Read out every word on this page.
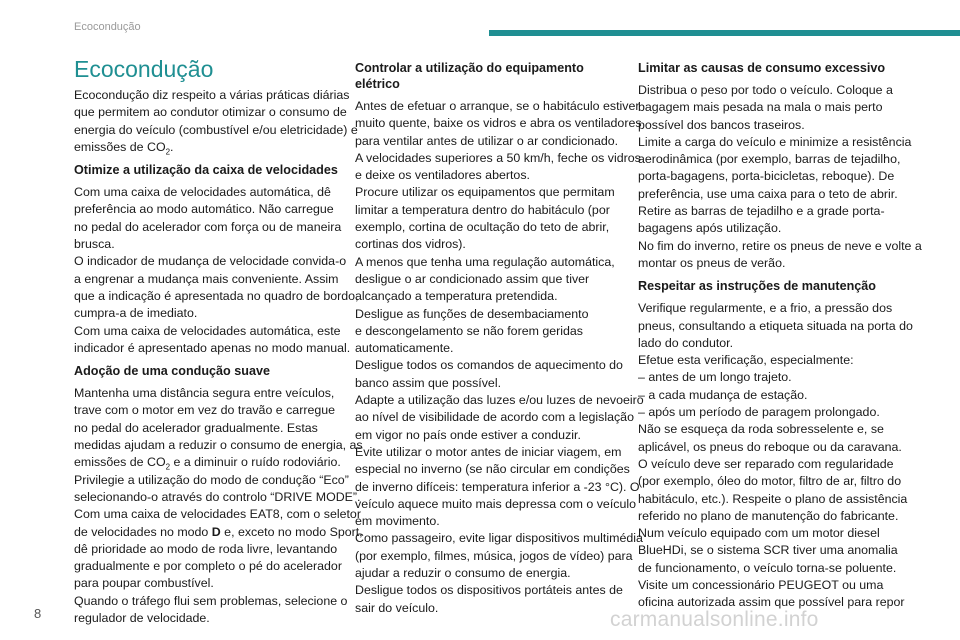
Ecocondução
Ecocondução
Ecocondução diz respeito a várias práticas diárias
que permitem ao condutor otimizar o consumo de
energia do veículo (combustível e/ou eletricidade) e
emissões de $CO_2$.
Otimize a utilização da caixa de velocidades
Com uma caixa de velocidades automática, dê
preferência ao modo automático. Não carregue
no pedal do acelerador com força ou de maneira
brusca.
O indicador de mudança de velocidade convida-o
a engrenar a mudança mais conveniente. Assim
que a indicação é apresentada no quadro de bordo,
cumpra-a de imediato.
Com uma caixa de velocidades automática, este
indicador é apresentado apenas no modo manual.
Adoção de uma condução suave
Mantenha uma distância segura entre veículos,
trave com o motor em vez do travão e carregue
no pedal do acelerador gradualmente. Estas
medidas ajudam a reduzir o consumo de energia, as
emissões de $CO_2$ e a diminuir o ruído rodoviário.
Privilegie a utilização do modo de condução “Eco”
selecionando-o através do controlo “DRIVE MODE”.
Com uma caixa de velocidades EAT8, com o seletor
de velocidades no modo D e, exceto no modo Sport,
dê prioridade ao modo de roda livre, levantando
gradualmente e por completo o pé do acelerador
para poupar combustível.
Quando o tráfego flui sem problemas, selecione o
regulador de velocidade.
Controlar a utilização do equipamento
elétrico
Antes de efetuar o arranque, se o habitáculo estiver
muito quente, baixe os vidros e abra os ventiladores
para ventilar antes de utilizar o ar condicionado.
A velocidades superiores a 50 km/h, feche os vidros
e deixe os ventiladores abertos.
Procure utilizar os equipamentos que permitam
limitar a temperatura dentro do habitáculo (por
exemplo, cortina de ocultação do teto de abrir,
cortinas dos vidros).
A menos que tenha uma regulação automática,
desligue o ar condicionado assim que tiver
alcançado a temperatura pretendida.
Desligue as funções de desembaciamento
e descongelamento se não forem geridas
automaticamente.
Desligue todos os comandos de aquecimento do
banco assim que possível.
Adapte a utilização das luzes e/ou luzes de nevoeiro
ao nível de visibilidade de acordo com a legislação
em vigor no país onde estiver a conduzir.
Evite utilizar o motor antes de iniciar viagem, em
especial no inverno (se não circular em condições
de inverno difíceis: temperatura inferior a -23 °C). O
veículo aquece muito mais depressa com o veículo
em movimento.
Como passageiro, evite ligar dispositivos multimédia
(por exemplo, filmes, música, jogos de vídeo) para
ajudar a reduzir o consumo de energia.
Desligue todos os dispositivos portáteis antes de
sair do veículo.
Limitar as causas de consumo excessivo
Distribua o peso por todo o veículo. Coloque a
bagagem mais pesada na mala o mais perto
possível dos bancos traseiros.
Limite a carga do veículo e minimize a resistência
aerodinâmica (por exemplo, barras de tejadilho,
porta-bagagens, porta-bicicletas, reboque). De
preferência, use uma caixa para o teto de abrir.
Retire as barras de tejadilho e a grade porta-
bagagens após utilização.
No fim do inverno, retire os pneus de neve e volte a
montar os pneus de verão.
Respeitar as instruções de manutenção
Verifique regularmente, e a frio, a pressão dos
pneus, consultando a etiqueta situada na porta do
lado do condutor.
Efetue esta verificação, especialmente:
– antes de um longo trajeto.
– a cada mudança de estação.
– após um período de paragem prolongado.
Não se esqueça da roda sobresselente e, se
aplicável, os pneus do reboque ou da caravana.
O veículo deve ser reparado com regularidade
(por exemplo, óleo do motor, filtro de ar, filtro do
habitáculo, etc.). Respeite o plano de assistência
referido no plano de manutenção do fabricante.
Num veículo equipado com um motor diesel
BlueHDi, se o sistema SCR tiver uma anomalia
de funcionamento, o veículo torna-se poluente.
Visite um concessionário PEUGEOT ou uma
oficina autorizada assim que possível para repor
8	carmanualsonline.info
